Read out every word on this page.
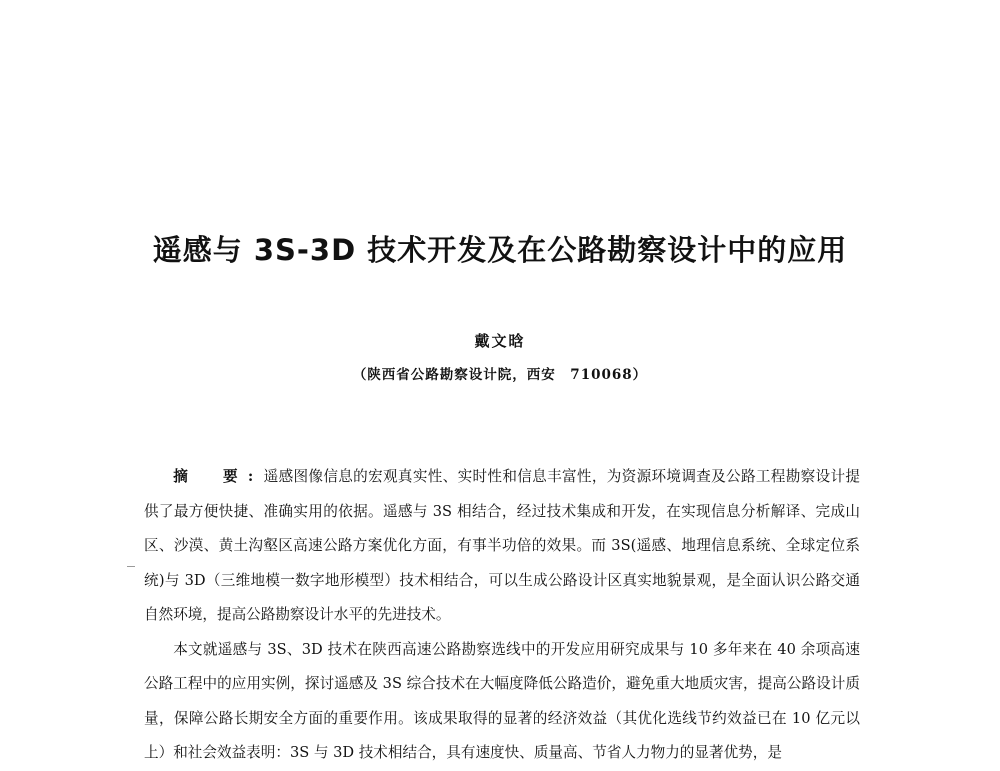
遥感与 3S-3D 技术开发及在公路勘察设计中的应用
戴文晗
（陕西省公路勘察设计院，西安　710068）

摘　要:遥感图像信息的宏观真实性、实时性和信息丰富性，为资源环境调查及公路工程勘察设计提供了最方便快捷、准确实用的依据。遥感与 3S 相结合，经过技术集成和开发，在实现信息分析解译、完成山区、沙漠、黄土沟壑区高速公路方案优化方面，有事半功倍的效果。而 3S(遥感、地理信息系统、全球定位系统)与 3D（三维地模一数字地形模型）技术相结合，可以生成公路设计区真实地貌景观，是全面认识公路交通自然环境，提高公路勘察设计水平的先进技术。

本文就遥感与 3S、3D 技术在陕西高速公路勘察选线中的开发应用研究成果与 10 多年来在 40 余项高速公路工程中的应用实例，探讨遥感及 3S 综合技术在大幅度降低公路造价，避免重大地质灾害，提高公路设计质量，保障公路长期安全方面的重要作用。该成果取得的显著的经济效益（其优化选线节约效益已在 10 亿元以上）和社会效益表明：3S 与 3D 技术相结合，具有速度快、质量高、节省人力物力的显著优势，是
